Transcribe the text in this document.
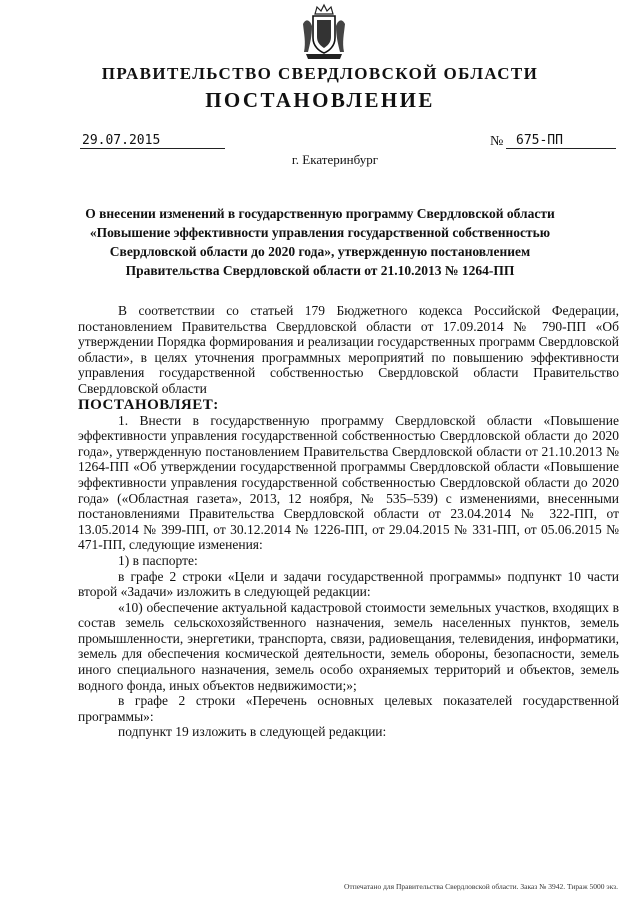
ПРАВИТЕЛЬСТВО СВЕРДЛОВСКОЙ ОБЛАСТИ
ПОСТАНОВЛЕНИЕ
29.07.2015	№ 675-ПП
г. Екатеринбург
О внесении изменений в государственную программу Свердловской области «Повышение эффективности управления государственной собственностью Свердловской области до 2020 года», утвержденную постановлением Правительства Свердловской области от 21.10.2013 № 1264-ПП

В соответствии со статьей 179 Бюджетного кодекса Российской Федерации, постановлением Правительства Свердловской области от 17.09.2014 № 790-ПП «Об утверждении Порядка формирования и реализации государственных программ Свердловской области», в целях уточнения программных мероприятий по повышению эффективности управления государственной собственностью Свердловской области Правительство Свердловской области

ПОСТАНОВЛЯЕТ:

1. Внести в государственную программу Свердловской области «Повышение эффективности управления государственной собственностью Свердловской области до 2020 года», утвержденную постановлением Правительства Свердловской области от 21.10.2013 № 1264-ПП «Об утверждении государственной программы Свердловской области «Повышение эффективности управления государственной собственностью Свердловской области до 2020 года» («Областная газета», 2013, 12 ноября, № 535–539) с изменениями, внесенными постановлениями Правительства Свердловской области от 23.04.2014 № 322-ПП, от 13.05.2014 № 399-ПП, от 30.12.2014 № 1226-ПП, от 29.04.2015 № 331-ПП, от 05.06.2015 № 471-ПП, следующие изменения:

1) в паспорте:

в графе 2 строки «Цели и задачи государственной программы» подпункт 10 части второй «Задачи» изложить в следующей редакции:

«10) обеспечение актуальной кадастровой стоимости земельных участков, входящих в состав земель сельскохозяйственного назначения, земель населенных пунктов, земель промышленности, энергетики, транспорта, связи, радиовещания, телевидения, информатики, земель для обеспечения космической деятельности, земель обороны, безопасности, земель иного специального назначения, земель особо охраняемых территорий и объектов, земель водного фонда, иных объектов недвижимости;»;

в графе 2 строки «Перечень основных целевых показателей государственной программы»:

подпункт 19 изложить в следующей редакции:

Отпечатано для Правительства Свердловской области. Заказ № 3942. Тираж 5000 экз.
